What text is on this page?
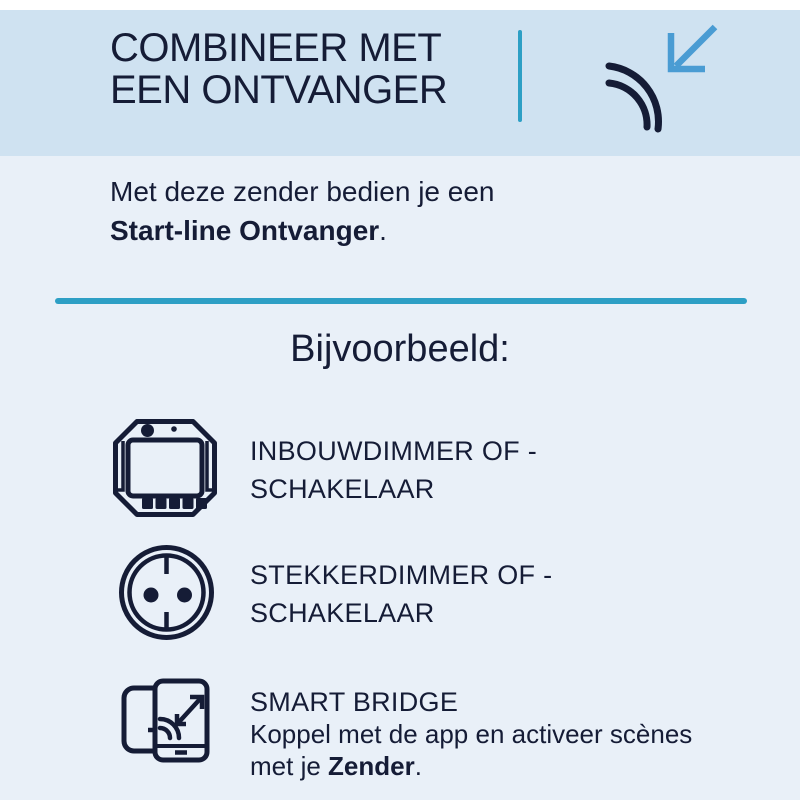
COMBINEER MET
EEN ONTVANGER

Met deze zender bedien je een
Start-line Ontvanger.

Bijvoorbeeld:
INBOUWDIMMER OF -
SCHAKELAAR
STEKKERDIMMER OF -
SCHAKELAAR
SMART BRIDGE

Koppel met de app en activeer scènes
met je Zender.
